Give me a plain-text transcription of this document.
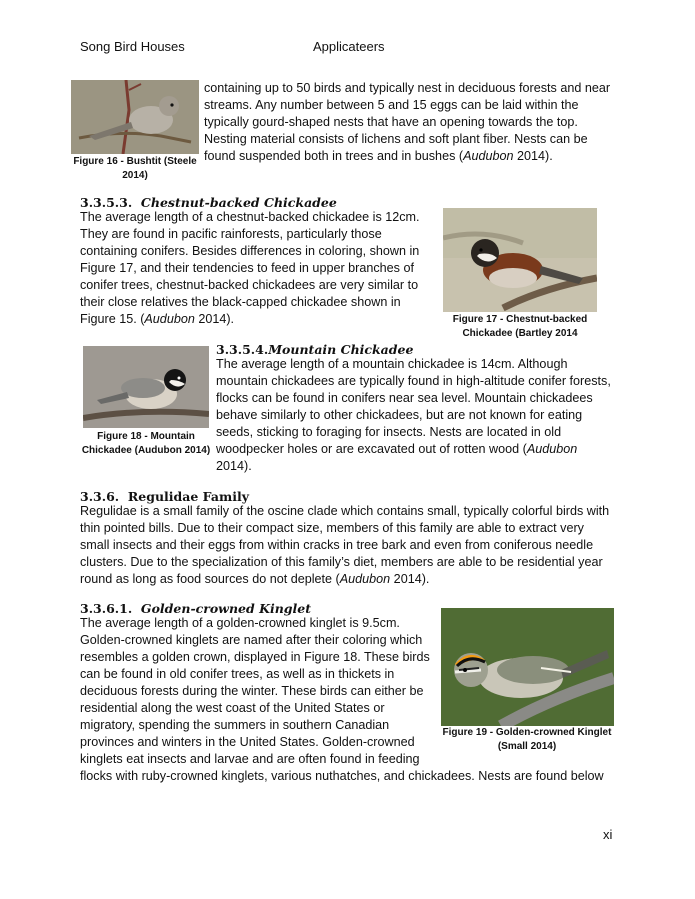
Song Bird Houses	Applicateers
Figure 16 - Bushtit (Steele
2014)
containing up to 50 birds and typically nest in deciduous forests and near
streams. Any number between 5 and 15 eggs can be laid within the
typically gourd-shaped nests that have an opening towards the top.
Nesting material consists of lichens and soft plant fiber. Nests can be
found suspended both in trees and in bushes (Audubon 2014).
3.3.5.3. Chestnut-backed Chickadee
The average length of a chestnut-backed chickadee is 12cm.
They are found in pacific rainforests, particularly those
containing conifers. Besides differences in coloring, shown in
Figure 17, and their tendencies to feed in upper branches of
conifer trees, chestnut-backed chickadees are very similar to
their close relatives the black-capped chickadee shown in
Figure 15. (Audubon 2014).	Figure 17 - Chestnut-backed
Chickadee (Bartley 2014
Figure 18 - Mountain
Chickadee (Audubon 2014)
3.3.5.4.Mountain Chickadee
The average length of a mountain chickadee is 14cm. Although
mountain chickadees are typically found in high-altitude conifer forests,
flocks can be found in conifers near sea level. Mountain chickadees
behave similarly to other chickadees, but are not known for eating
seeds, sticking to foraging for insects. Nests are located in old
woodpecker holes or are excavated out of rotten wood (Audubon
2014).
3.3.6. Regulidae Family
Regulidae is a small family of the oscine clade which contains small, typically colorful birds with
thin pointed bills. Due to their compact size, members of this family are able to extract very
small insects and their eggs from within cracks in tree bark and even from coniferous needle
clusters. Due to the specialization of this family’s diet, members are able to be residential year
round as long as food sources do not deplete (Audubon 2014).
3.3.6.1. Golden-crowned Kinglet
The average length of a golden-crowned kinglet is 9.5cm.
Golden-crowned kinglets are named after their coloring which
resembles a golden crown, displayed in Figure 18. These birds
can be found in old conifer trees, as well as in thickets in
deciduous forests during the winter. These birds can either be
residential along the west coast of the United States or
migratory, spending the summers in southern Canadian
provinces and winters in the United States. Golden-crowned
kinglets eat insects and larvae and are often found in feeding
flocks with ruby-crowned kinglets, various nuthatches, and chickadees. Nests are found below
Figure 19 - Golden-crowned Kinglet
(Small 2014)
xi
